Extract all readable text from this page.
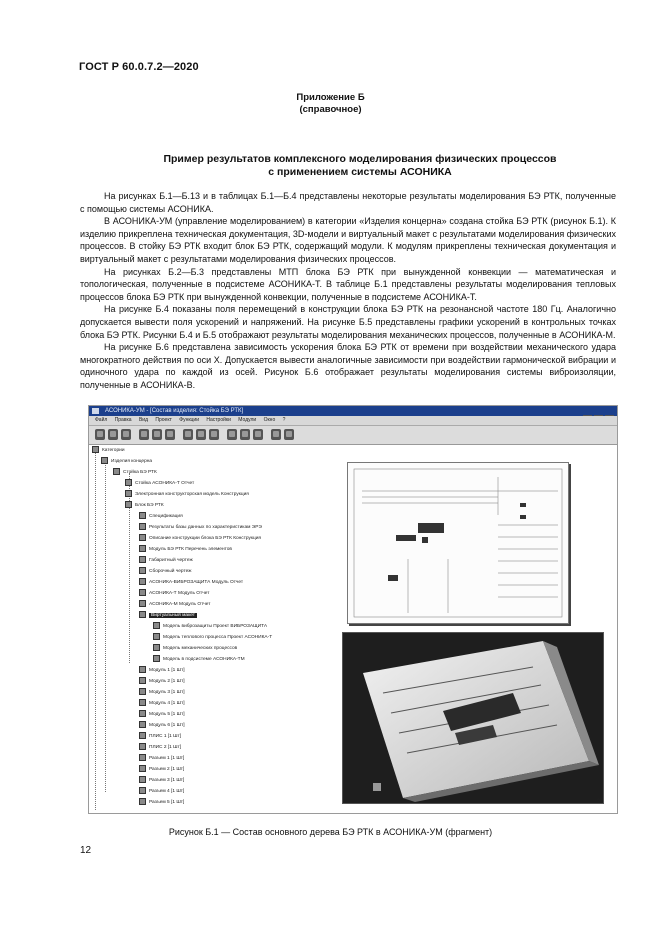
ГОСТ Р 60.0.7.2—2020
Приложение Б
(справочное)
Пример результатов комплексного моделирования физических процессов
с применением системы АСОНИКА

На рисунках Б.1—Б.13 и в таблицах Б.1—Б.4 представлены некоторые результаты моделирования БЭ РТК, полученные с помощью системы АСОНИКА.

В АСОНИКА-УМ (управление моделированием) в категории «Изделия концерна» создана стойка БЭ РТК (рисунок Б.1). К изделию прикреплена техническая документация, 3D-модели и виртуальный макет с результатами моделирования физических процессов. В стойку БЭ РТК входит блок БЭ РТК, содержащий модули. К модулям прикреплены техническая документация и виртуальный макет с результатами моделирования физических процессов.

На рисунках Б.2—Б.3 представлены МТП блока БЭ РТК при вынужденной конвекции — математическая и топологическая, полученные в подсистеме АСОНИКА-Т. В таблице Б.1 представлены результаты моделирования тепловых процессов блока БЭ РТК при вынужденной конвекции, полученные в подсистеме АСОНИКА-Т.

На рисунке Б.4 показаны поля перемещений в конструкции блока БЭ РТК на резонансной частоте 180 Гц. Аналогично допускается вывести поля ускорений и напряжений. На рисунке Б.5 представлены графики ускорений в контрольных точках блока БЭ РТК. Рисунки Б.4 и Б.5 отображают результаты моделирования механических процессов, полученные в АСОНИКА-М.

На рисунке Б.6 представлена зависимость ускорения блока БЭ РТК от времени при воздействии механического удара многократного действия по оси X. Допускается вывести аналогичные зависимости при воздействии гармонической вибрации и одиночного удара по каждой из осей. Рисунок Б.6 отображает результаты моделирования системы виброизоляции, полученные в АСОНИКА-В.

АСОНИКА-УМ - [Состав изделия: Стойка БЭ РТК]
Файл Правка Вид Проект Функции Настройки Модули Окно ?
Категории
Изделия концерна
Стойка БЭ РТК
Стойка АСОНИКА-Т Отчет
Электронная конструкторская модель Конструкция
Блок БЭ РТК
Спецификация
Результаты базы данных по характеристикам ЭРЭ
Описание конструкции блока БЭ РТК Конструкция
Модуль БЭ РТК Перечень элементов
Габаритный чертеж
Сборочный чертеж
АСОНИКА-ВИБРОЗАЩИТА Модуль Отчет
АСОНИКА-Т Модуль Отчет
АСОНИКА-М Модуль Отчет
Виртуальный макет
Модель виброзащиты Проект ВИБРОЗАЩИТА
Модель теплового процесса Проект АСОНИКА-Т
Модель механических процессов
Модель в подсистеме АСОНИКА-ТМ
Модуль 1 [1 Шт]
Модуль 2 [1 Шт]
Модуль 3 [1 Шт]
Модуль 4 [1 Шт]
Модуль 5 [1 Шт]
Модуль 6 [1 Шт]
ПЛИС 1 [1 Шт]
ПЛИС 2 [1 Шт]
Разъем 1 [1 Шт]
Разъем 2 [1 Шт]
Разъем 3 [1 Шт]
Разъем 4 [1 Шт]
Разъем 5 [1 Шт]	⁸I
Рисунок Б.1 — Состав основного дерева БЭ РТК в АСОНИКА-УМ (фрагмент)
12
